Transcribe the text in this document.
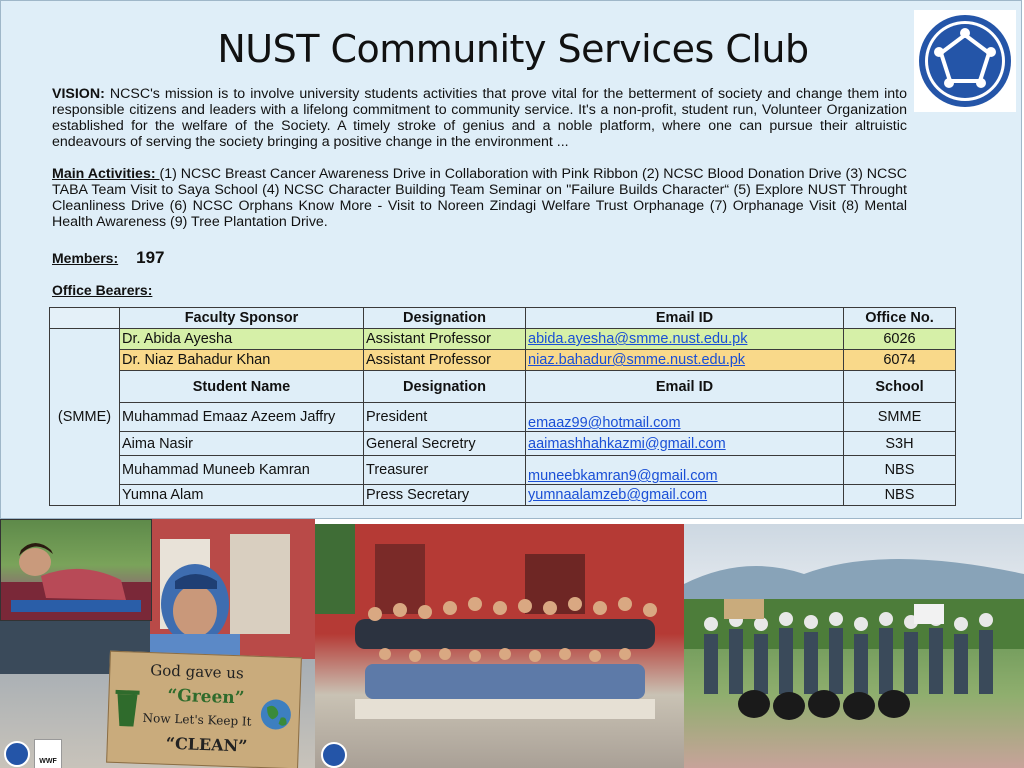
NUST Community Services Club
VISION: NCSC's mission is to involve university students activities that prove vital for the betterment of society and change them into responsible citizens and leaders with a lifelong commitment to community service. It's a non-profit, student run, Volunteer Organization established for the welfare of the Society. A timely stroke of genius and a noble platform, where one can pursue their altruistic endeavours of serving the society bringing a positive change in the environment ...
Main Activities: (1) NCSC Breast Cancer Awareness Drive in Collaboration with Pink Ribbon (2) NCSC Blood Donation Drive (3) NCSC TABA Team Visit to Saya School (4) NCSC Character Building Team Seminar on "Failure Builds Character“ (5) Explore NUST Throught Cleanliness Drive (6) NCSC Orphans Know More - Visit to Noreen Zindagi Welfare Trust Orphanage (7) Orphanage Visit (8) Mental Health Awareness (9) Tree Plantation Drive.
Members: 197
Office Bearers:
	Faculty Sponsor	Designation	Email ID	Office No.
(SMME)	Dr. Abida Ayesha	Assistant Professor	abida.ayesha@smme.nust.edu.pk	6026
	Dr. Niaz Bahadur Khan	Assistant Professor	niaz.bahadur@smme.nust.edu.pk	6074
	Student Name	Designation	Email ID	School
	Muhammad Emaaz Azeem Jaffry	President	emaaz99@hotmail.com	SMME
	Aima Nasir	General Secretry	aaimashhahkazmi@gmail.com	S3H
	Muhammad Muneeb Kamran	Treasurer	muneebkamran9@gmail.com	NBS
	Yumna Alam	Press Secretary	yumnaalamzeb@gmail.com	NBS
God gave us
“Green”
Now Let's Keep It
“CLEAN”
WWF
